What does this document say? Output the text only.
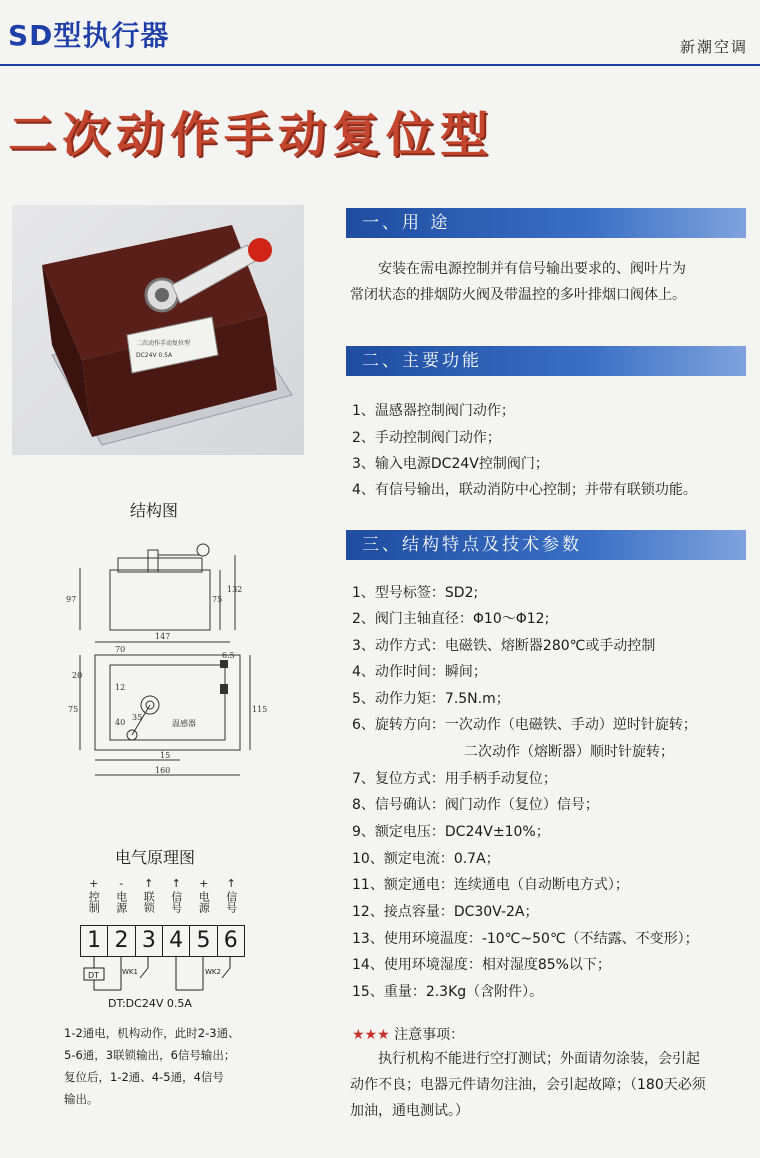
SD型执行器	新潮空调
二次动作手动复位型
二次动作手动复位型
DC24V 0.5A
结构图
97	75
132
147
70
6.5
20
75
12
40
35
115
15
160
温感器
电气原理图
+
控制
-
电源
↑
联锁
↑
信号
+
电源
↑
信号
1 2 3 4 5 6
DT	WK1	WK2
DT:DC24V 0.5A
1-2通电，机构动作，此时2-3通、
5-6通，3联锁输出，6信号输出；
复位后，1-2通、4-5通，4信号
输出。
一、用 途
安装在需电源控制并有信号输出要求的、阀叶片为
常闭状态的排烟防火阀及带温控的多叶排烟口阀体上。
二、主要功能
1、温感器控制阀门动作；
2、手动控制阀门动作；
3、输入电源DC24V控制阀门；
4、有信号输出，联动消防中心控制；并带有联锁功能。
三、结构特点及技术参数
1、型号标签：SD2;
2、阀门主轴直径：Φ10～Φ12;
3、动作方式：电磁铁、熔断器280℃或手动控制
4、动作时间：瞬间；
5、动作力矩：7.5N.m；
6、旋转方向：一次动作（电磁铁、手动）逆时针旋转；
二次动作（熔断器）顺时针旋转；
7、复位方式：用手柄手动复位；
8、信号确认：阀门动作（复位）信号；
9、额定电压：DC24V±10%；
10、额定电流：0.7A；
11、额定通电：连续通电（自动断电方式）；
12、接点容量：DC30V-2A；
13、使用环境温度：-10℃~50℃（不结露、不变形）；
14、使用环境湿度：相对湿度85%以下；
15、重量：2.3Kg（含附件）。
★★★ 注意事项：
执行机构不能进行空打测试；外面请勿涂装，会引起
动作不良；电器元件请勿注油，会引起故障；（180天必须
加油，通电测试。）
